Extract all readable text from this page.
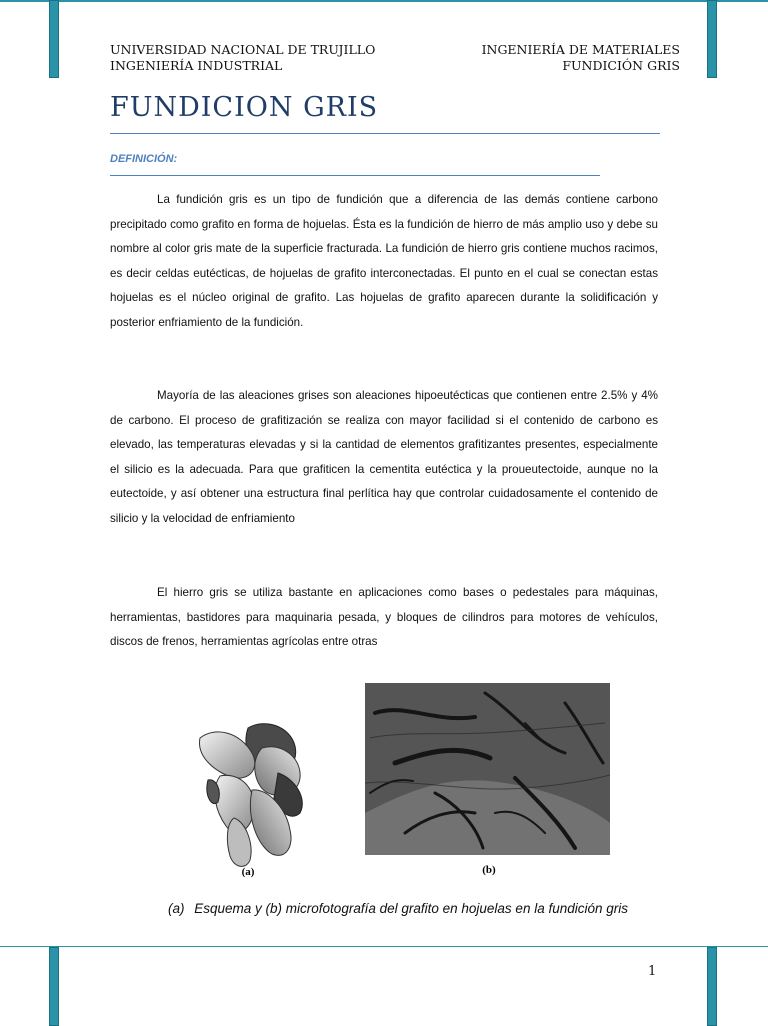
UNIVERSIDAD NACIONAL DE TRUJILLO
INGENIERÍA INDUSTRIAL
INGENIERÍA DE MATERIALES
FUNDICIÓN GRIS
FUNDICION GRIS
DEFINICIÓN:

La fundición gris es un tipo de fundición que a diferencia de las demás contiene carbono precipitado como grafito en forma de hojuelas. Ésta es la fundición de hierro de más amplio uso y debe su nombre al color gris mate de la superficie fracturada. La fundición de hierro gris contiene muchos racimos, es decir celdas eutécticas, de hojuelas de grafito interconectadas. El punto en el cual se conectan estas hojuelas es el núcleo original de grafito. Las hojuelas de grafito aparecen durante la solidificación y posterior enfriamiento de la fundición.

Mayoría de las aleaciones grises son aleaciones hipoeutécticas que contienen entre 2.5% y 4% de carbono. El proceso de grafitización se realiza con mayor facilidad si el contenido de carbono es elevado, las temperaturas elevadas y si la cantidad de elementos grafitizantes presentes, especialmente el silicio es la adecuada. Para que grafiticen la cementita eutéctica y la proueutectoide, aunque no la eutectoide, y así obtener una estructura final perlítica hay que controlar cuidadosamente el contenido de silicio y la velocidad de enfriamiento

El hierro gris se utiliza bastante en aplicaciones como bases o pedestales para máquinas, herramientas, bastidores para maquinaria pesada, y bloques de cilindros para motores de vehículos, discos de frenos, herramientas agrícolas entre otras

(a)	(b)

(a) Esquema y (b) microfotografía del grafito en hojuelas en la fundición gris

1
